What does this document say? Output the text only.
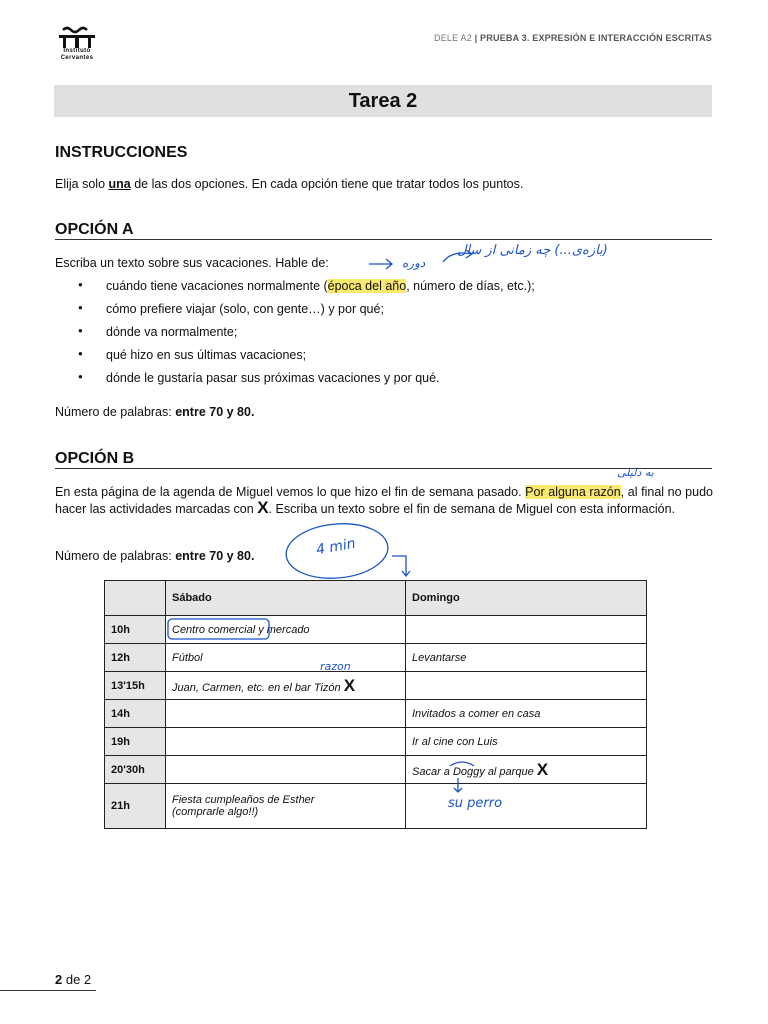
Instituto
Cervantes
DELE A2 | PRUEBA 3. EXPRESIÓN E INTERACCIÓN ESCRITAS
Tarea 2
INSTRUCCIONES
Elija solo una de las dos opciones. En cada opción tiene que tratar todos los puntos.
OPCIÓN A
Escriba un texto sobre sus vacaciones. Hable de:
● cuándo tiene vacaciones normalmente (época del año, número de días, etc.);
● cómo prefiere viajar (solo, con gente…) y por qué;
● dónde va normalmente;
● qué hizo en sus últimas vacaciones;
● dónde le gustaría pasar sus próximas vacaciones y por qué.
Número de palabras: entre 70 y 80.
OPCIÓN B
En esta página de la agenda de Miguel vemos lo que hizo el fin de semana pasado. Por alguna razón, al final no pudo hacer las actividades marcadas con X. Escriba un texto sobre el fin de semana de Miguel con esta información.
Número de palabras: entre 70 y 80.
	Sábado	Domingo
10h	Centro comercial y mercado	
12h	Fútbol	Levantarse
13'15h	Juan, Carmen, etc. en el bar Tizón X	
14h		Invitados a comer en casa
19h		Ir al cine con Luis
20'30h		Sacar a Doggy al parque X
21h	Fiesta cumpleaños de Esther
(comprarle algo!!)	

(بازه‌ی...) چه زمانی از سال
دوره
به دلیلی
4 min
razon
su perro
2 de 2
